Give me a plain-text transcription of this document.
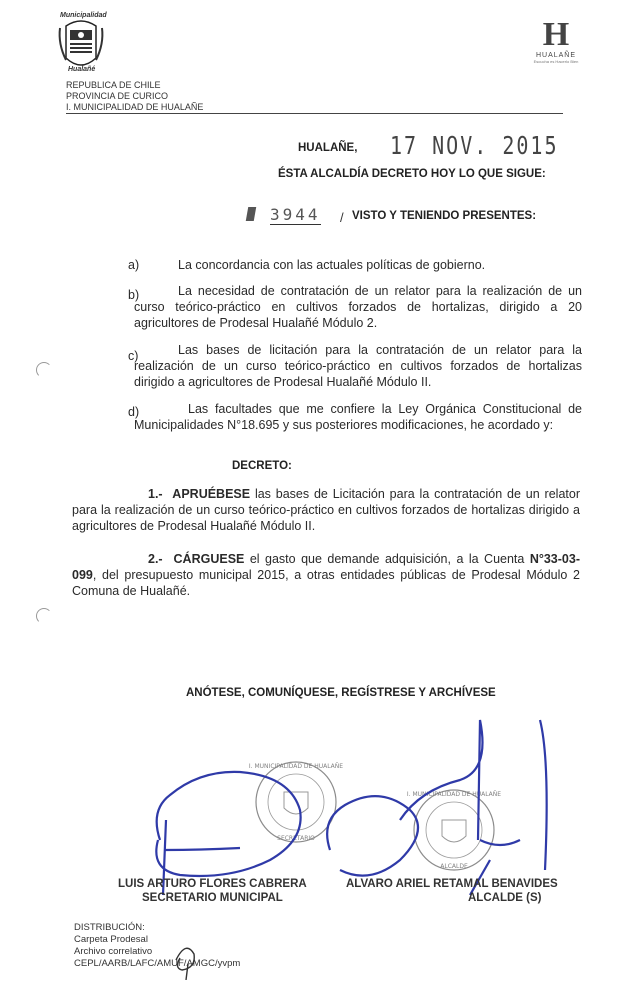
Municipalidad
Hualañé
REPUBLICA DE CHILE
PROVINCIA DE CURICO
I. MUNICIPALIDAD DE HUALAÑE
H
HUALAÑE
Escucha es Hacerlo Bien
HUALAÑE, 17 NOV. 2015
ÉSTA ALCALDÍA DECRETO HOY LO QUE SIGUE:
3944 / VISTO Y TENIENDO PRESENTES:
a)	La concordancia con las actuales políticas de gobierno.
b)	La necesidad de contratación de un relator para la realización de un curso teórico-práctico en cultivos forzados de hortalizas, dirigido a 20 agricultores de Prodesal Hualañé Módulo 2.
c)	Las bases de licitación para la contratación de un relator para la realización de un curso teórico-práctico en cultivos forzados de hortalizas dirigido a agricultores de Prodesal Hualañé Módulo II.
d)	Las facultades que me confiere la Ley Orgánica Constitucional de Municipalidades N°18.695 y sus posteriores modificaciones, he acordado y:
DECRETO:
1.- APRUÉBESE las bases de Licitación para la contratación de un relator para la realización de un curso teórico-práctico en cultivos forzados de hortalizas dirigido a agricultores de Prodesal Hualañé Módulo II.
2.- CÁRGUESE el gasto que demande adquisición, a la Cuenta N°33-03-099, del presupuesto municipal 2015, a otras entidades públicas de Prodesal Módulo 2 Comuna de Hualañé.
ANÓTESE, COMUNÍQUESE, REGÍSTRESE Y ARCHÍVESE
I. MUNICIPALIDAD DE HUALAÑE
SECRETARIO
I. MUNICIPALIDAD DE HUALAÑE
ALCALDE
LUIS ARTURO FLORES CABRERA
SECRETARIO MUNICIPAL
ALVARO ARIEL RETAMAL BENAVIDES
ALCALDE (S)
DISTRIBUCIÓN:
Carpeta Prodesal
Archivo correlativo
CEPL/AARB/LAFC/AMUF/AMGC/yvpm
